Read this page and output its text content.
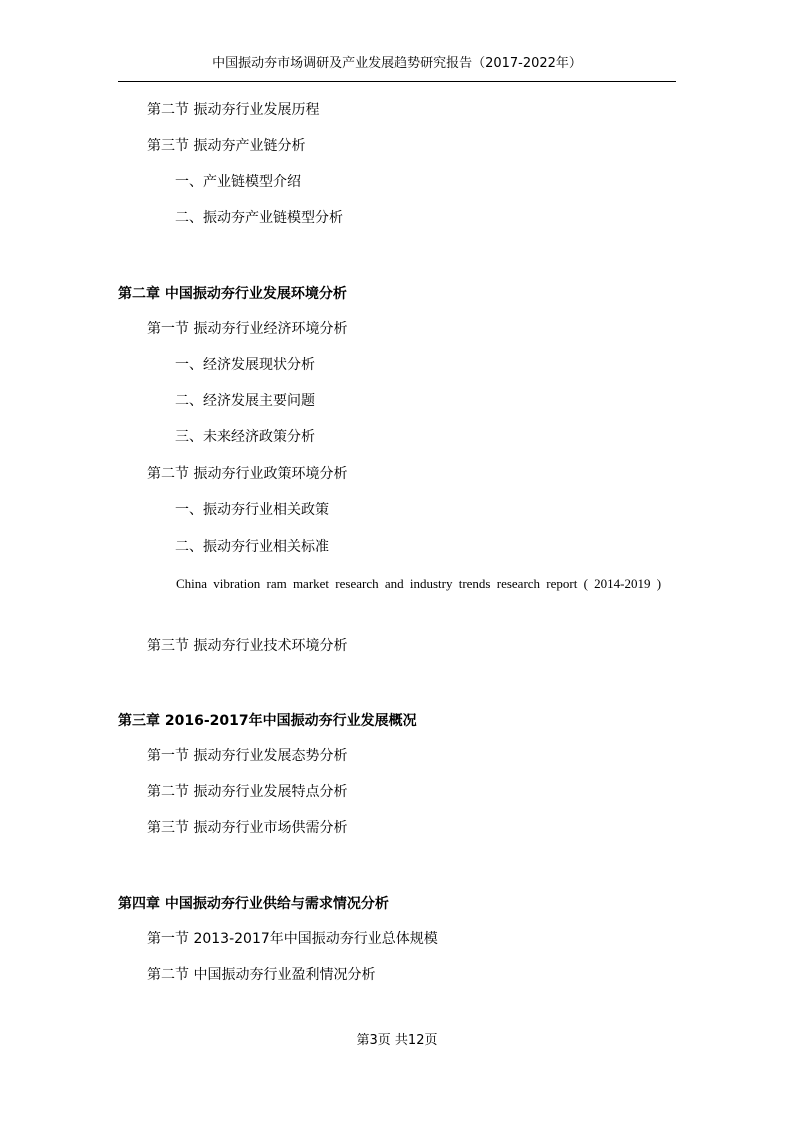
中国振动夯市场调研及产业发展趋势研究报告（2017-2022年）
第二节 振动夯行业发展历程
第三节 振动夯产业链分析
一、产业链模型介绍
二、振动夯产业链模型分析
第二章 中国振动夯行业发展环境分析
第一节 振动夯行业经济环境分析
一、经济发展现状分析
二、经济发展主要问题
三、未来经济政策分析
第二节 振动夯行业政策环境分析
一、振动夯行业相关政策
二、振动夯行业相关标准
China vibration ram market research and industry trends research report ( 2014-2019 )
第三节 振动夯行业技术环境分析
第三章 2016-2017年中国振动夯行业发展概况
第一节 振动夯行业发展态势分析
第二节 振动夯行业发展特点分析
第三节 振动夯行业市场供需分析
第四章 中国振动夯行业供给与需求情况分析
第一节 2013-2017年中国振动夯行业总体规模
第二节 中国振动夯行业盈利情况分析
第3页 共12页
